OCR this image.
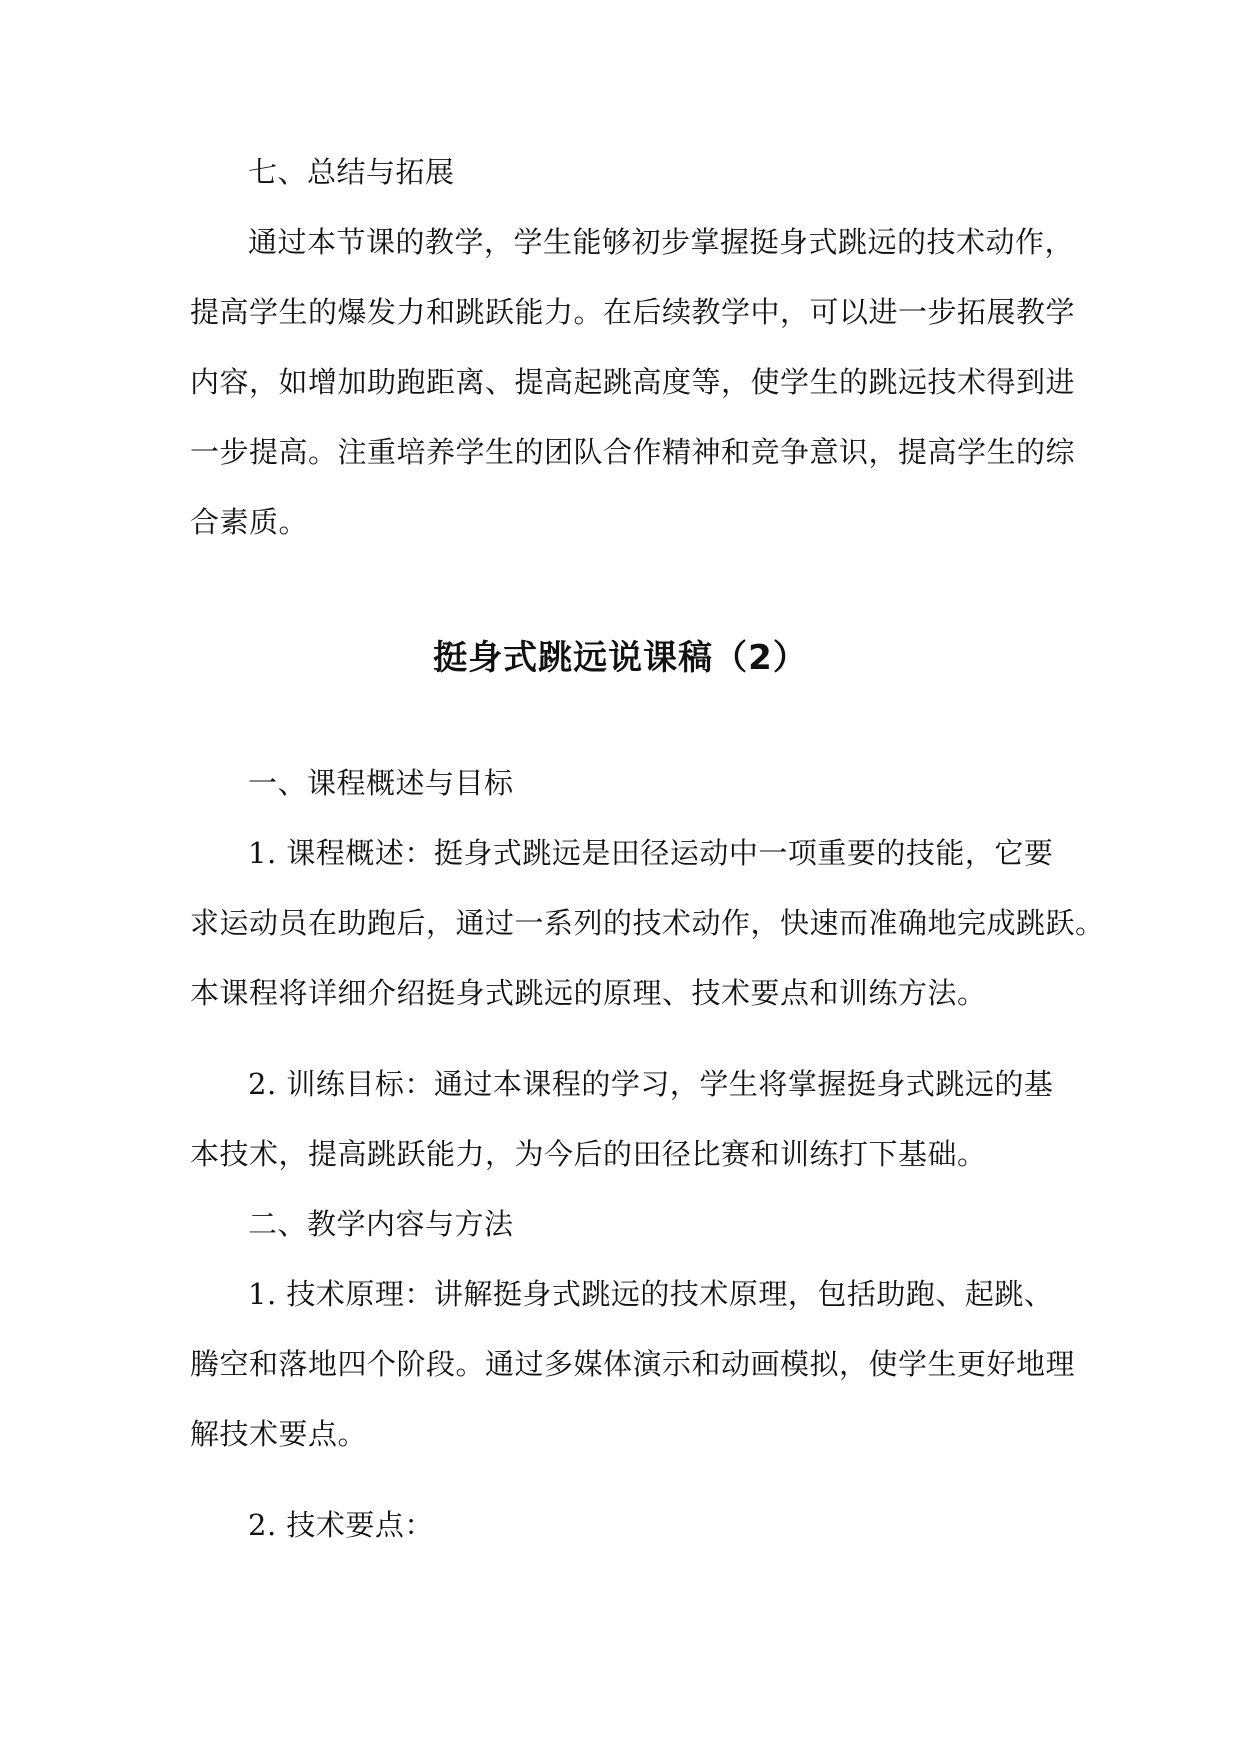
七、总结与拓展
通过本节课的教学，学生能够初步掌握挺身式跳远的技术动作，
提高学生的爆发力和跳跃能力。在后续教学中，可以进一步拓展教学
内容，如增加助跑距离、提高起跳高度等，使学生的跳远技术得到进
一步提高。注重培养学生的团队合作精神和竞争意识，提高学生的综
合素质。
挺身式跳远说课稿（2）
一、课程概述与目标
1. 课程概述：挺身式跳远是田径运动中一项重要的技能，它要
求运动员在助跑后，通过一系列的技术动作，快速而准确地完成跳跃。
本课程将详细介绍挺身式跳远的原理、技术要点和训练方法。
2. 训练目标：通过本课程的学习，学生将掌握挺身式跳远的基
本技术，提高跳跃能力，为今后的田径比赛和训练打下基础。
二、教学内容与方法
1. 技术原理：讲解挺身式跳远的技术原理，包括助跑、起跳、
腾空和落地四个阶段。通过多媒体演示和动画模拟，使学生更好地理
解技术要点。
2. 技术要点：
